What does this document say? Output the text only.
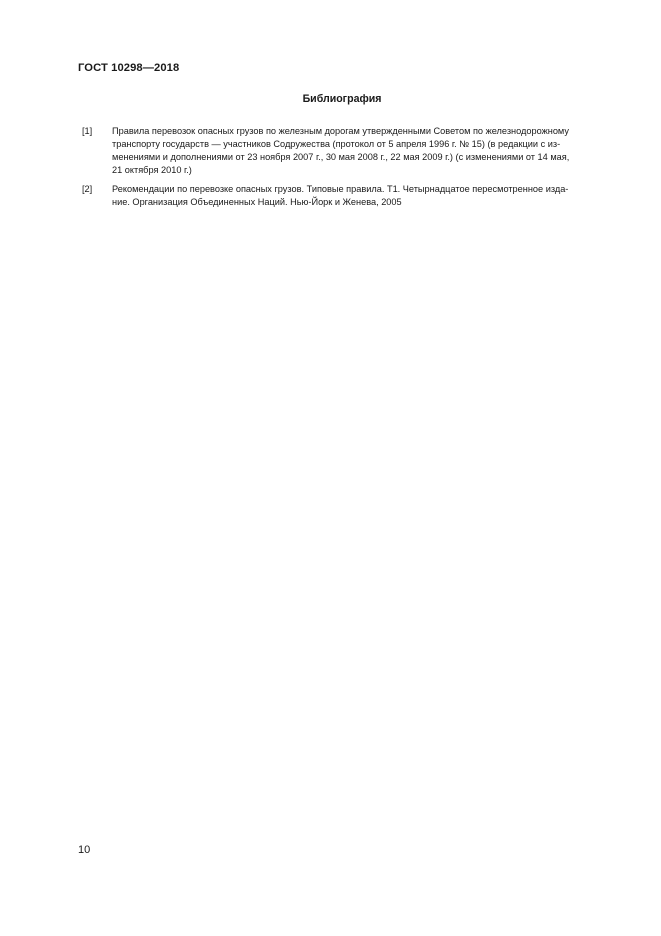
ГОСТ 10298—2018
Библиография
[1]	Правила перевозок опасных грузов по железным дорогам утвержденными Советом по железнодорожному
транспорту государств — участников Содружества (протокол от 5 апреля 1996 г. № 15) (в редакции с из-
менениями и дополнениями от 23 ноября 2007 г., 30 мая 2008 г., 22 мая 2009 г.) (с изменениями от 14 мая,
21 октября 2010 г.)
[2]	Рекомендации по перевозке опасных грузов. Типовые правила. Т1. Четырнадцатое пересмотренное изда-
ние. Организация Объединенных Наций. Нью-Йорк и Женева, 2005
10
